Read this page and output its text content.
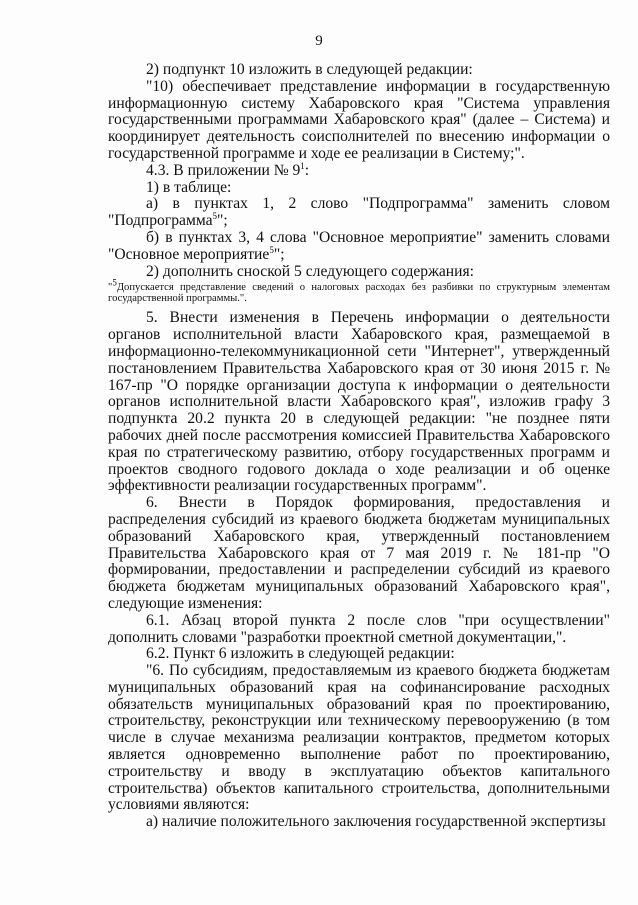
9

2) подпункт 10 изложить в следующей редакции:

"10) обеспечивает представление информации в государственную информационную систему Хабаровского края "Система управления государственными программами Хабаровского края" (далее – Система) и координирует деятельность соисполнителей по внесению информации о государственной программе и ходе ее реализации в Систему;".

4.3. В приложении № $9^1$:

1) в таблице:

а) в пунктах 1, 2 слово "Подпрограмма" заменить словом "Подпрограмма$^5$";

б) в пунктах 3, 4 слова "Основное мероприятие" заменить словами "Основное мероприятие$^5$";

2) дополнить сноской 5 следующего содержания:

"$^5$Допускается представление сведений о налоговых расходах без разбивки по структурным элементам государственной программы.".

5. Внести изменения в Перечень информации о деятельности органов исполнительной власти Хабаровского края, размещаемой в информационно-телекоммуникационной сети "Интернет", утвержденный постановлением Правительства Хабаровского края от 30 июня 2015 г. № 167-пр "О порядке организации доступа к информации о деятельности органов исполнительной власти Хабаровского края", изложив графу 3 подпункта 20.2 пункта 20 в следующей редакции: "не позднее пяти рабочих дней после рассмотрения комиссией Правительства Хабаровского края по стратегическому развитию, отбору государственных программ и проектов сводного годового доклада о ходе реализации и об оценке эффективности реализации государственных программ".

6. Внести в Порядок формирования, предоставления и распределения субсидий из краевого бюджета бюджетам муниципальных образований Хабаровского края, утвержденный постановлением Правительства Хабаровского края от 7 мая 2019 г. № 181-пр "О формировании, предоставлении и распределении субсидий из краевого бюджета бюджетам муниципальных образований Хабаровского края", следующие изменения:

6.1. Абзац второй пункта 2 после слов "при осуществлении" дополнить словами "разработки проектной сметной документации,".

6.2. Пункт 6 изложить в следующей редакции:

"6. По субсидиям, предоставляемым из краевого бюджета бюджетам муниципальных образований края на софинансирование расходных обязательств муниципальных образований края по проектированию, строительству, реконструкции или техническому перевооружению (в том числе в случае механизма реализации контрактов, предметом которых является одновременно выполнение работ по проектированию, строительству и вводу в эксплуатацию объектов капитального строительства) объектов капитального строительства, дополнительными условиями являются:

а) наличие положительного заключения государственной экспертизы
